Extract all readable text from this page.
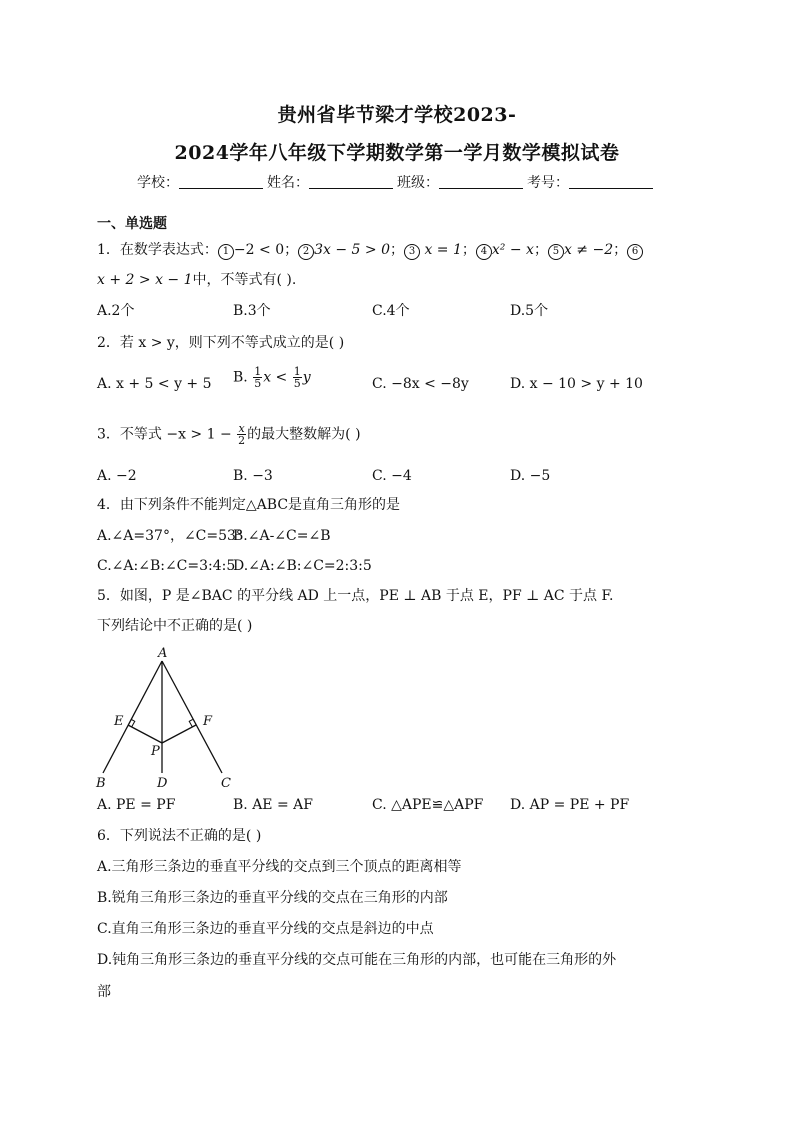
贵州省毕节梁才学校2023-
2024学年八年级下学期数学第一学月数学模拟试卷
学校：	姓名：	班级：	考号：
一、单选题
1．在数学表达式： 1 −2 < 0； 2 3x − 5 > 0； 3 x = 1； 4 x² − x； 5 x ≠ −2； 6
x + 2 > x − 1中，不等式有( ).
A.2个	B.3个	C.4个	D.5个
2．若 x > y，则下列不等式成立的是( )
A. x + 5 < y + 5 B. $\frac{1}{5}$ $x < \frac{1}{5}$ y	C. −8x < −8y	D. x − 10 > y + 10
3．不等式 $-x > 1 - \frac{x}{2}$ 的最大整数解为( )
A. −2	B. −3	C. −4	D. −5
4．由下列条件不能判定△ABC是直角三角形的是
A.∠A=37°，∠C=53°
B.∠A-∠C=∠B
C.∠A:∠B:∠C=3:4:5
D.∠A:∠B:∠C=2:3:5
5．如图，P 是∠BAC 的平分线 AD 上一点，PE ⊥ AB 于点 E，PF ⊥ AC 于点 F.
下列结论中不正确的是( )
A
E	F
P
B	D	C
A. PE = PF	B. AE = AF	C. △APE≌△APF D. AP = PE + PF
6．下列说法不正确的是( )
A.三角形三条边的垂直平分线的交点到三个顶点的距离相等
B.锐角三角形三条边的垂直平分线的交点在三角形的内部
C.直角三角形三条边的垂直平分线的交点是斜边的中点
D.钝角三角形三条边的垂直平分线的交点可能在三角形的内部，也可能在三角形的外
部
